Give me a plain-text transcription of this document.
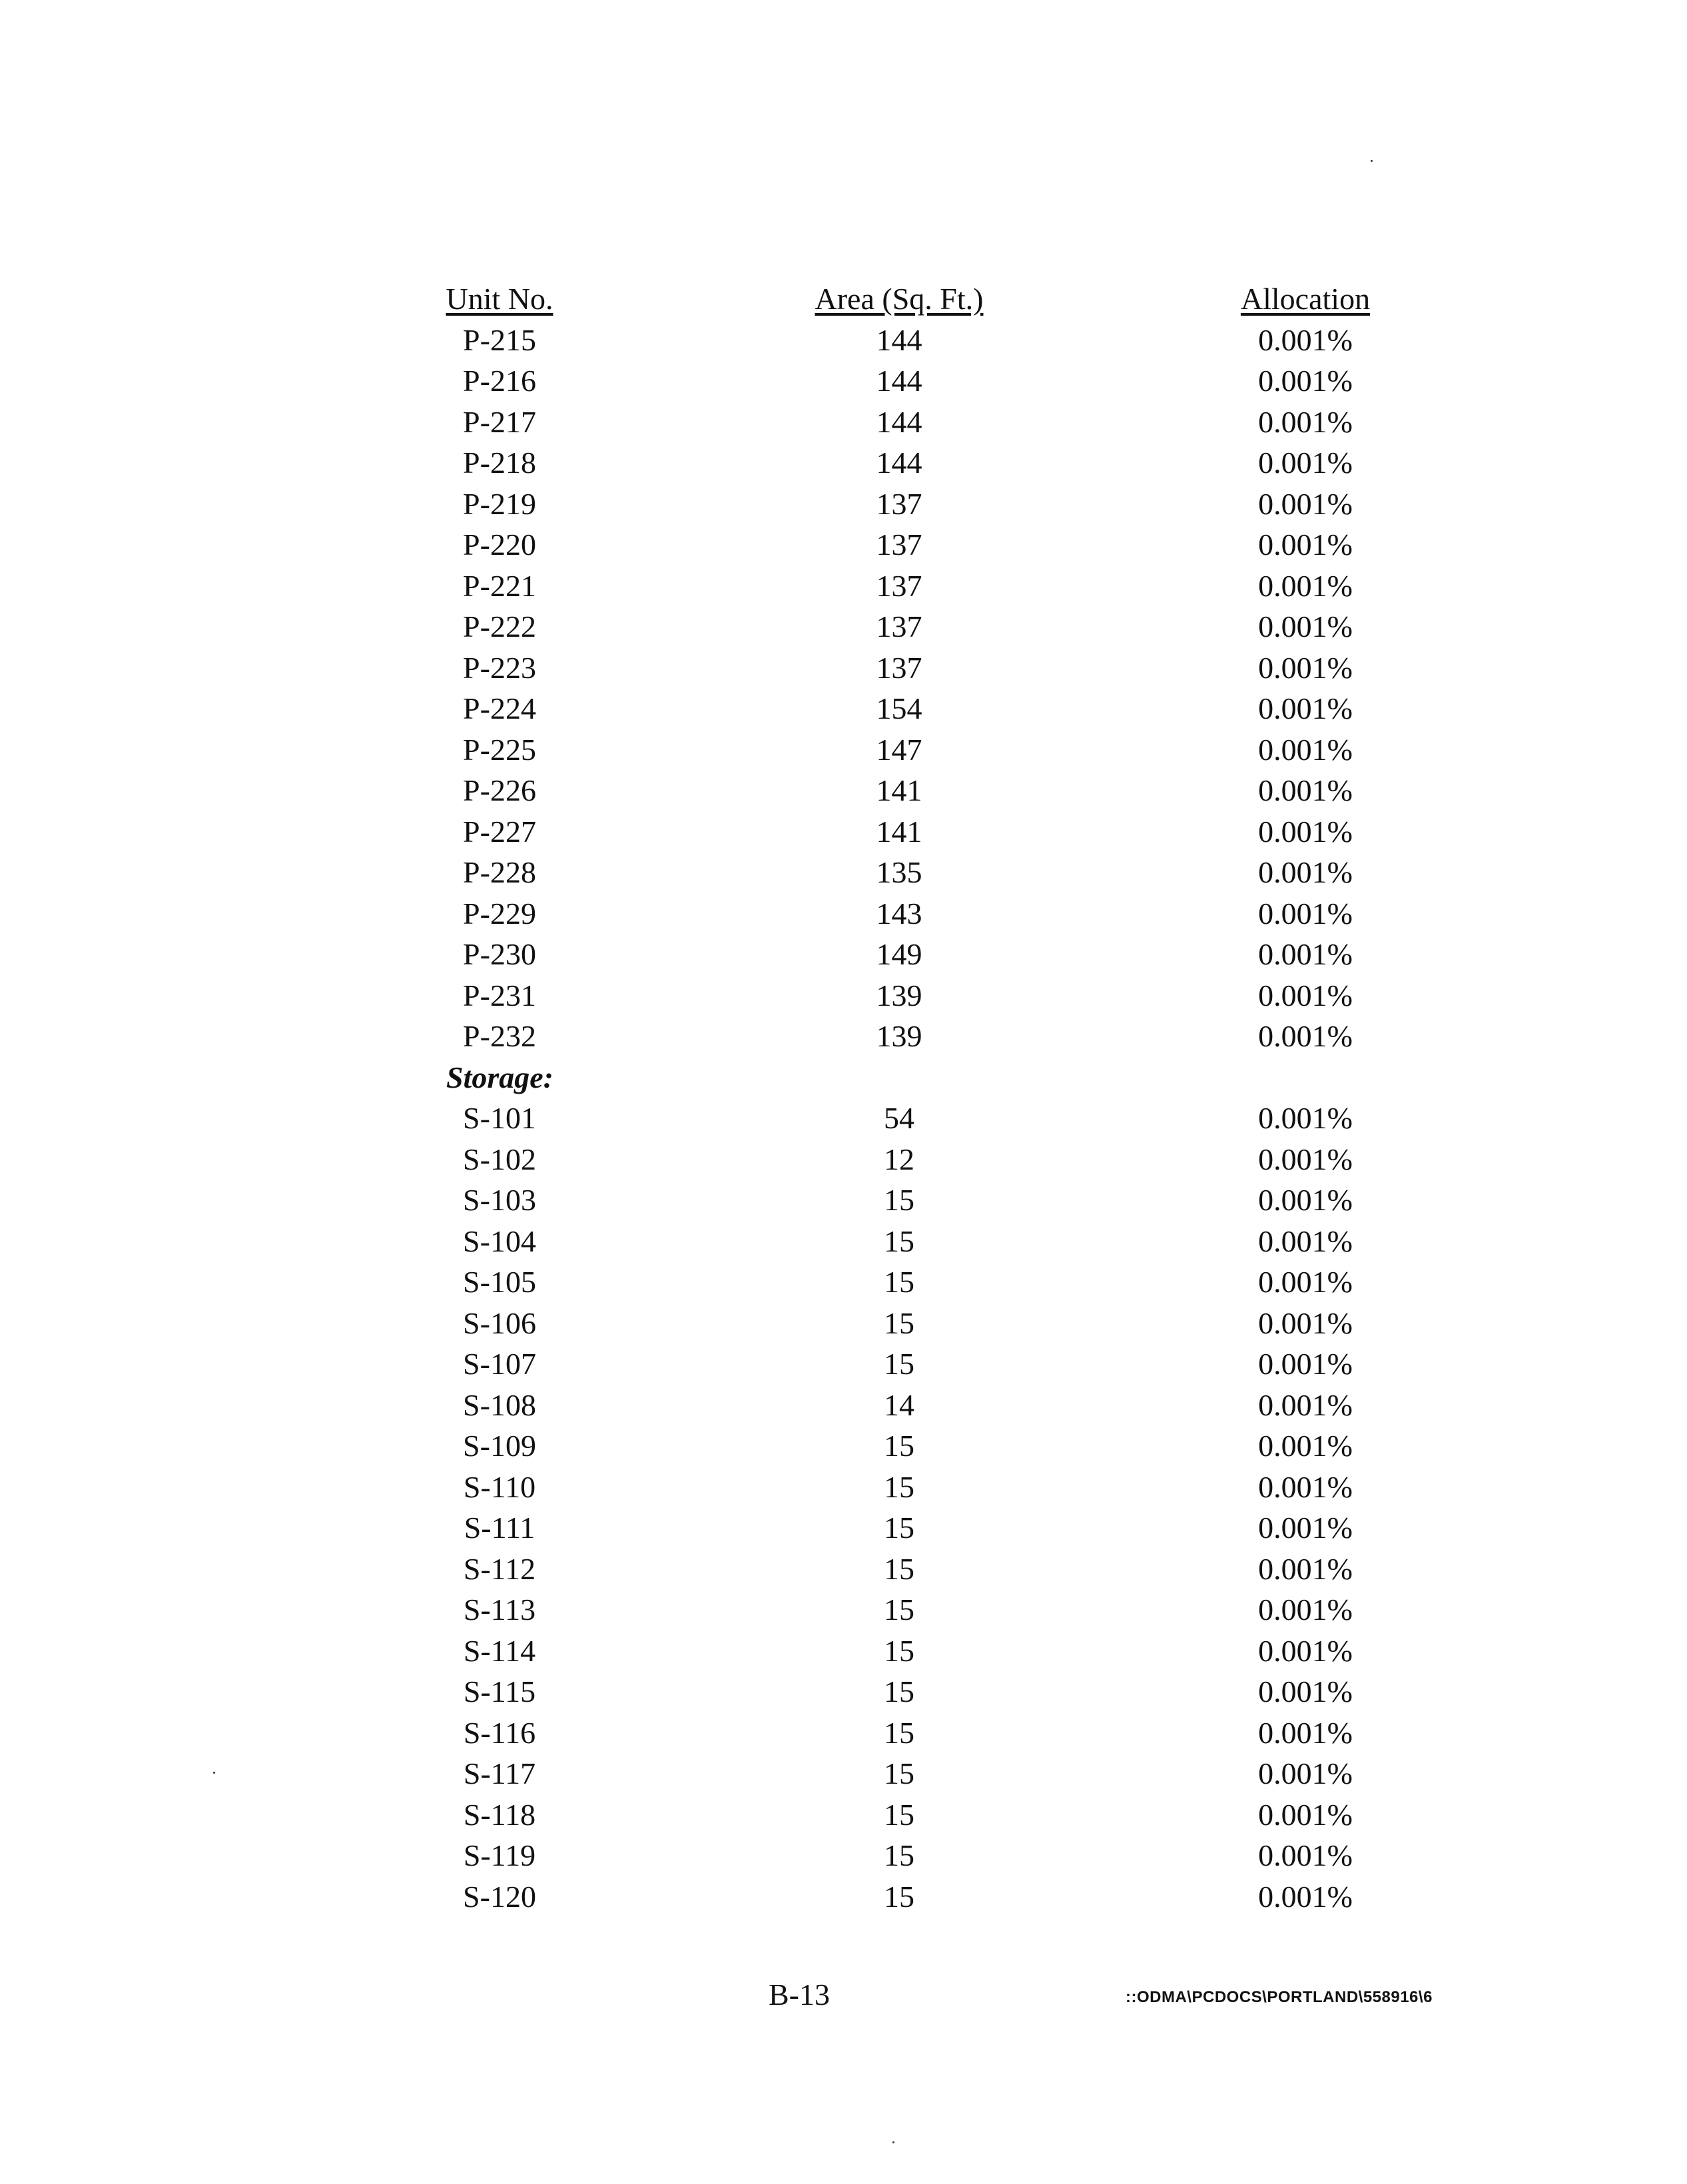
Unit No.	Area (Sq. Ft.)	Allocation
P-215	144	0.001%
P-216	144	0.001%
P-217	144	0.001%
P-218	144	0.001%
P-219	137	0.001%
P-220	137	0.001%
P-221	137	0.001%
P-222	137	0.001%
P-223	137	0.001%
P-224	154	0.001%
P-225	147	0.001%
P-226	141	0.001%
P-227	141	0.001%
P-228	135	0.001%
P-229	143	0.001%
P-230	149	0.001%
P-231	139	0.001%
P-232	139	0.001%
Storage:
S-101	54	0.001%
S-102	12	0.001%
S-103	15	0.001%
S-104	15	0.001%
S-105	15	0.001%
S-106	15	0.001%
S-107	15	0.001%
S-108	14	0.001%
S-109	15	0.001%
S-110	15	0.001%
S-111	15	0.001%
S-112	15	0.001%
S-113	15	0.001%
S-114	15	0.001%
S-115	15	0.001%
S-116	15	0.001%
S-117	15	0.001%
S-118	15	0.001%
S-119	15	0.001%
S-120	15	0.001%
B-13	::ODMA\PCDOCS\PORTLAND\558916\6
